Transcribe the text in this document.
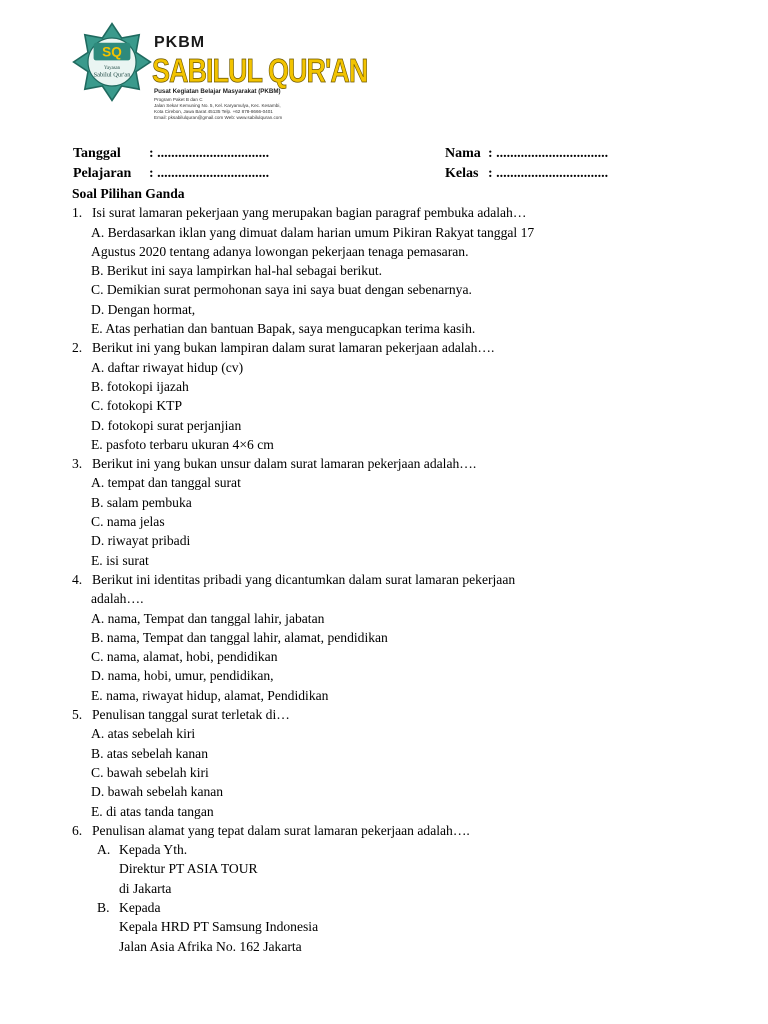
SQ
Yayasan
Sabilul Qur'an
PKBM
SABILUL QUR'AN
Pusat Kegiatan Belajar Masyarakat (PKBM)
Program Paket B dan C
Jalan Sekar Kemuning No. 5, Kel. Karyamulya, Kec. Kesambi,
Kota Cirebon, Jawa Barat 45135 Telp. +62 878-8666-0401
Email: pksabilulquran@gmail.com Web: www.sabilulquran.com
Tanggal : ................................
Pelajaran : ................................
Nama : ................................
Kelas : ................................
Soal Pilihan Ganda
1. Isi surat lamaran pekerjaan yang merupakan bagian paragraf pembuka adalah…
A. Berdasarkan iklan yang dimuat dalam harian umum Pikiran Rakyat tanggal 17
Agustus 2020 tentang adanya lowongan pekerjaan tenaga pemasaran.
B. Berikut ini saya lampirkan hal-hal sebagai berikut.
C. Demikian surat permohonan saya ini saya buat dengan sebenarnya.
D. Dengan hormat,
E. Atas perhatian dan bantuan Bapak, saya mengucapkan terima kasih.
2. Berikut ini yang bukan lampiran dalam surat lamaran pekerjaan adalah….
A. daftar riwayat hidup (cv)
B. fotokopi ijazah
C. fotokopi KTP
D. fotokopi surat perjanjian
E. pasfoto terbaru ukuran 4×6 cm
3. Berikut ini yang bukan unsur dalam surat lamaran pekerjaan adalah….
A. tempat dan tanggal surat
B. salam pembuka
C. nama jelas
D. riwayat pribadi
E. isi surat
4. Berikut ini identitas pribadi yang dicantumkan dalam surat lamaran pekerjaan
adalah….
A. nama, Tempat dan tanggal lahir, jabatan
B. nama, Tempat dan tanggal lahir, alamat, pendidikan
C. nama, alamat, hobi, pendidikan
D. nama, hobi, umur, pendidikan,
E. nama, riwayat hidup, alamat, Pendidikan
5. Penulisan tanggal surat terletak di…
A. atas sebelah kiri
B. atas sebelah kanan
C. bawah sebelah kiri
D. bawah sebelah kanan
E. di atas tanda tangan
6. Penulisan alamat yang tepat dalam surat lamaran pekerjaan adalah….
A. Kepada Yth.
Direktur PT ASIA TOUR
di Jakarta
B. Kepada
Kepala HRD PT Samsung Indonesia
Jalan Asia Afrika No. 162 Jakarta
